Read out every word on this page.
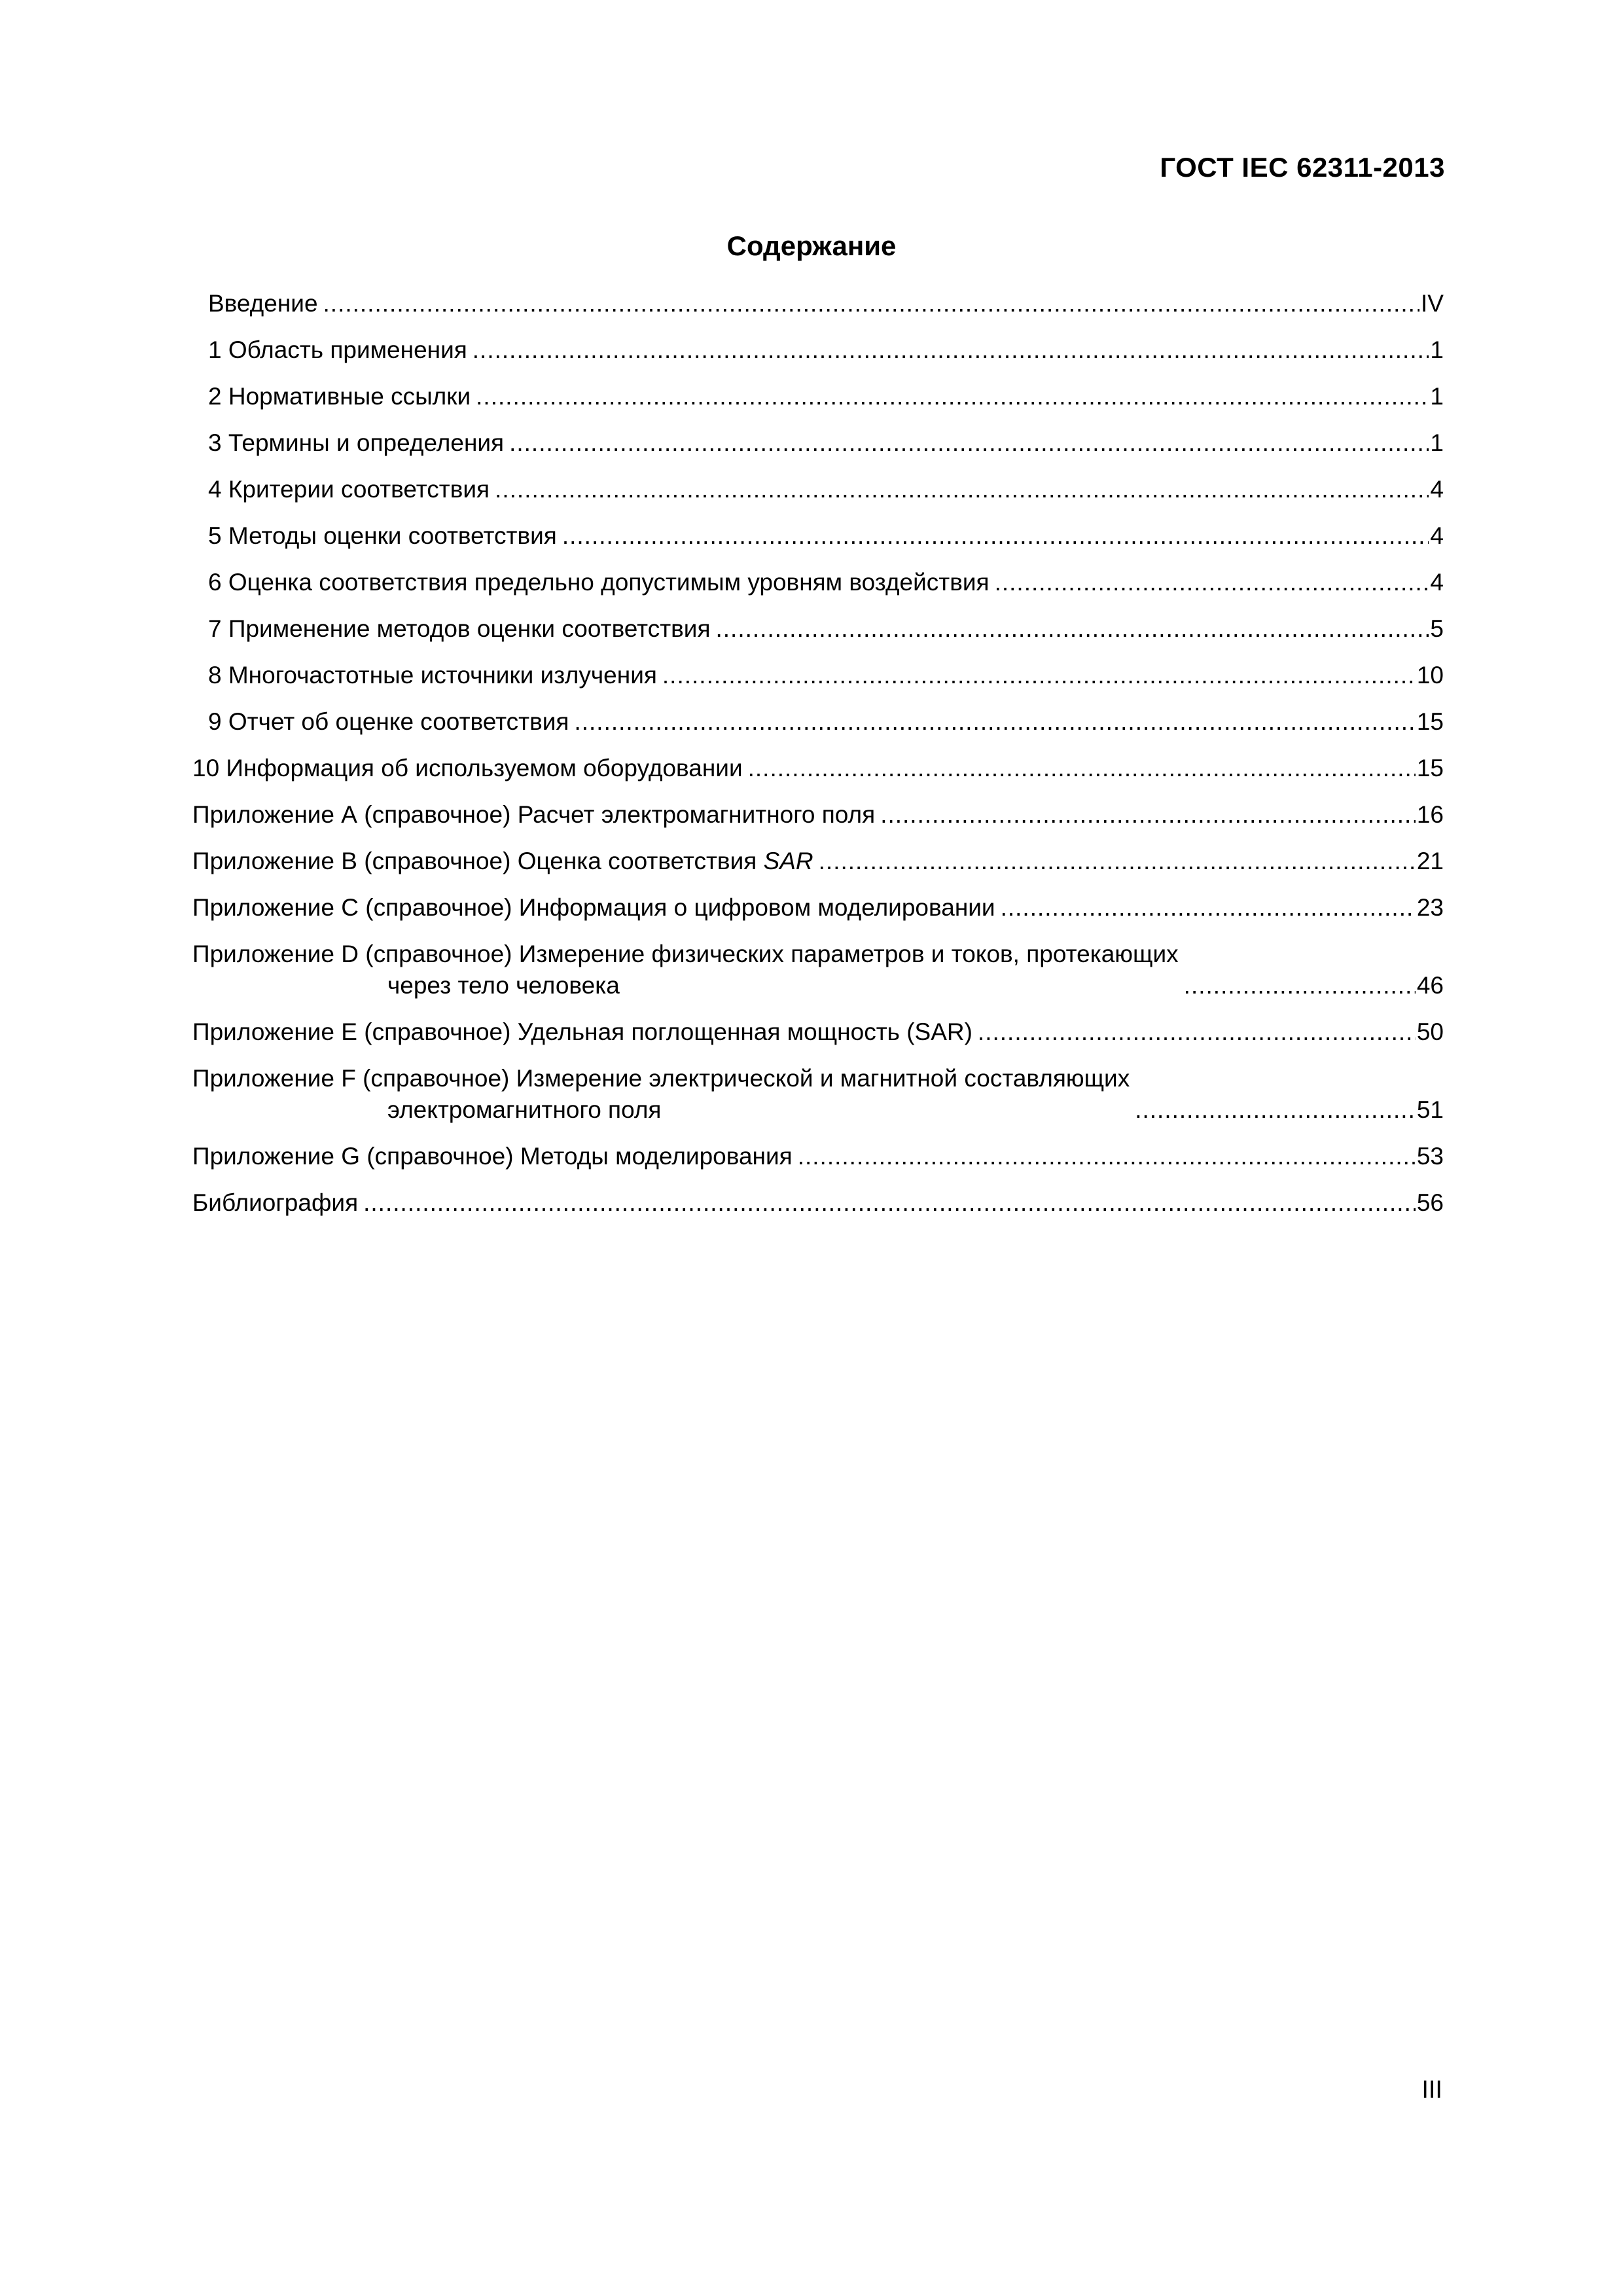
ГОСТ IEC 62311-2013
Содержание
Введение .....	IV
1 Область применения .....	1
2 Нормативные ссылки .....	1
3 Термины и определения .....	1
4 Критерии соответствия .....	4
5 Методы оценки соответствия .....	4
6 Оценка соответствия предельно допустимым уровням воздействия .....	4
7 Применение методов оценки соответствия .....	5
8 Многочастотные источники излучения .....	10
9 Отчет об оценке соответствия .....	15
10 Информация об используемом оборудовании .....	15
Приложение А (справочное) Расчет электромагнитного поля .....	16
Приложение В (справочное) Оценка соответствия SAR .....	21
Приложение С (справочное) Информация о цифровом моделировании .....	23
Приложение D (справочное) Измерение физических параметров и токов, протекающих
через тело человека .....	46
Приложение Е (справочное) Удельная поглощенная мощность (SAR) .....	50
Приложение F (справочное) Измерение электрической и магнитной составляющих
электромагнитного поля .....	51
Приложение G (справочное) Методы моделирования .....	53
Библиография .....	56
III
